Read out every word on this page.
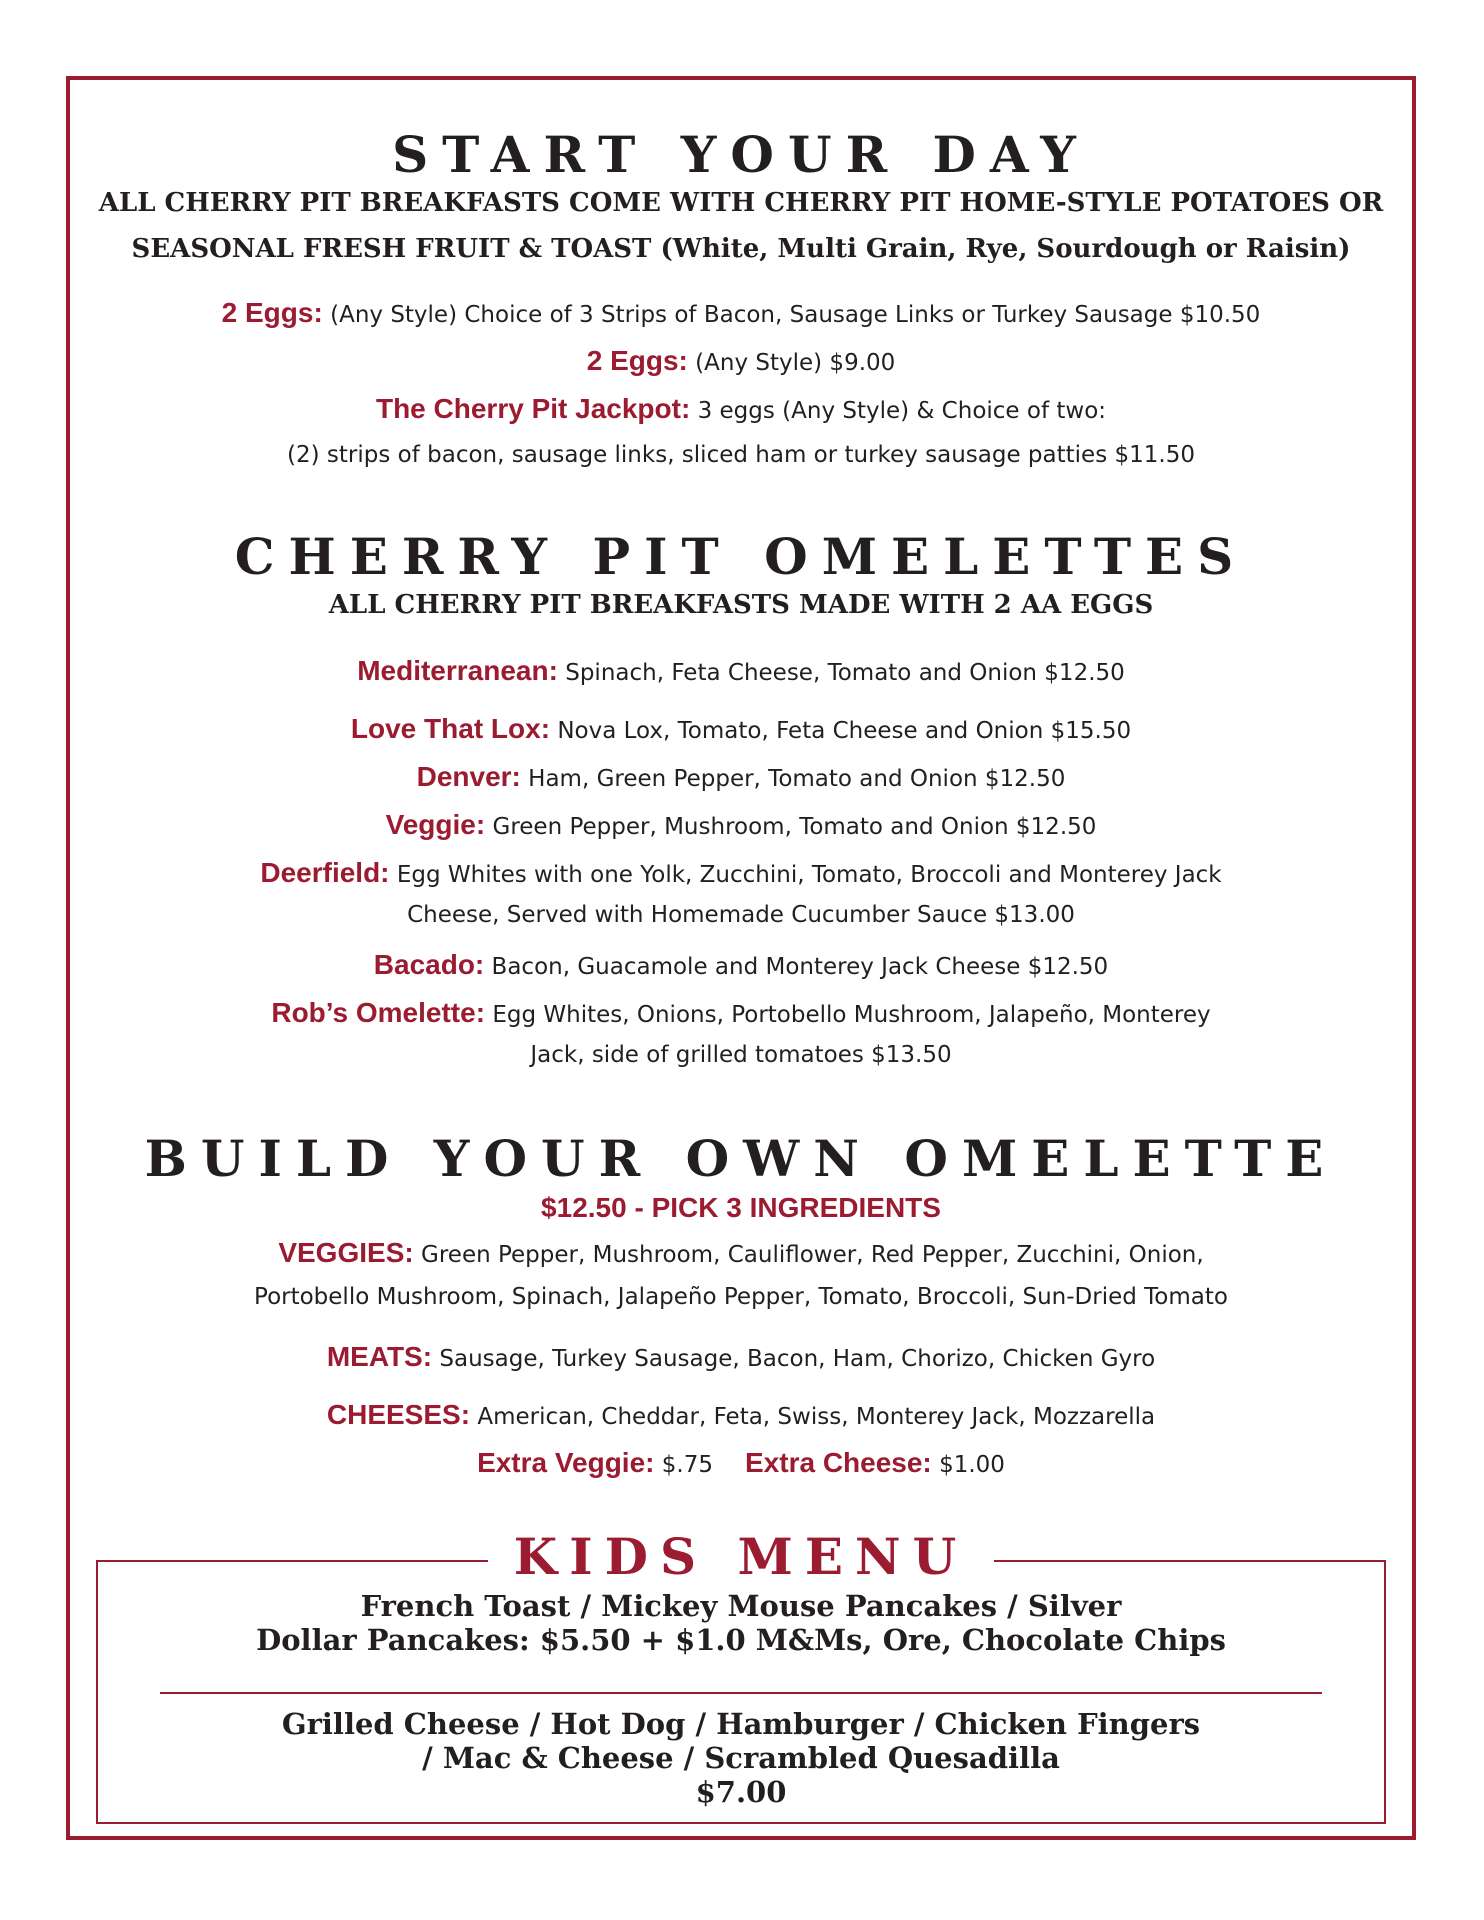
START YOUR DAY
ALL CHERRY PIT BREAKFASTS COME WITH CHERRY PIT HOME-STYLE POTATOES OR
SEASONAL FRESH FRUIT & TOAST (White, Multi Grain, Rye, Sourdough or Raisin)
2 Eggs: (Any Style) Choice of 3 Strips of Bacon, Sausage Links or Turkey Sausage $10.50
2 Eggs: (Any Style) $9.00
The Cherry Pit Jackpot: 3 eggs (Any Style) & Choice of two:
(2) strips of bacon, sausage links, sliced ham or turkey sausage patties $11.50
CHERRY PIT OMELETTES
ALL CHERRY PIT BREAKFASTS MADE WITH 2 AA EGGS
Mediterranean: Spinach, Feta Cheese, Tomato and Onion $12.50
Love That Lox: Nova Lox, Tomato, Feta Cheese and Onion $15.50
Denver: Ham, Green Pepper, Tomato and Onion $12.50
Veggie: Green Pepper, Mushroom, Tomato and Onion $12.50
Deerfield: Egg Whites with one Yolk, Zucchini, Tomato, Broccoli and Monterey Jack
Cheese, Served with Homemade Cucumber Sauce $13.00
Bacado: Bacon, Guacamole and Monterey Jack Cheese $12.50
Rob’s Omelette: Egg Whites, Onions, Portobello Mushroom, Jalapeño, Monterey
Jack, side of grilled tomatoes $13.50
BUILD YOUR OWN OMELETTE
$12.50 - PICK 3 INGREDIENTS
VEGGIES: Green Pepper, Mushroom, Cauliflower, Red Pepper, Zucchini, Onion,
Portobello Mushroom, Spinach, Jalapeño Pepper, Tomato, Broccoli, Sun-Dried Tomato
MEATS: Sausage, Turkey Sausage, Bacon, Ham, Chorizo, Chicken Gyro
CHEESES: American, Cheddar, Feta, Swiss, Monterey Jack, Mozzarella
Extra Veggie: $.75 Extra Cheese: $1.00
KIDS MENU
French Toast / Mickey Mouse Pancakes / Silver
Dollar Pancakes: $5.50 + $1.0 M&Ms, Ore, Chocolate Chips
Grilled Cheese / Hot Dog / Hamburger / Chicken Fingers
/ Mac & Cheese / Scrambled Quesadilla
$7.00
